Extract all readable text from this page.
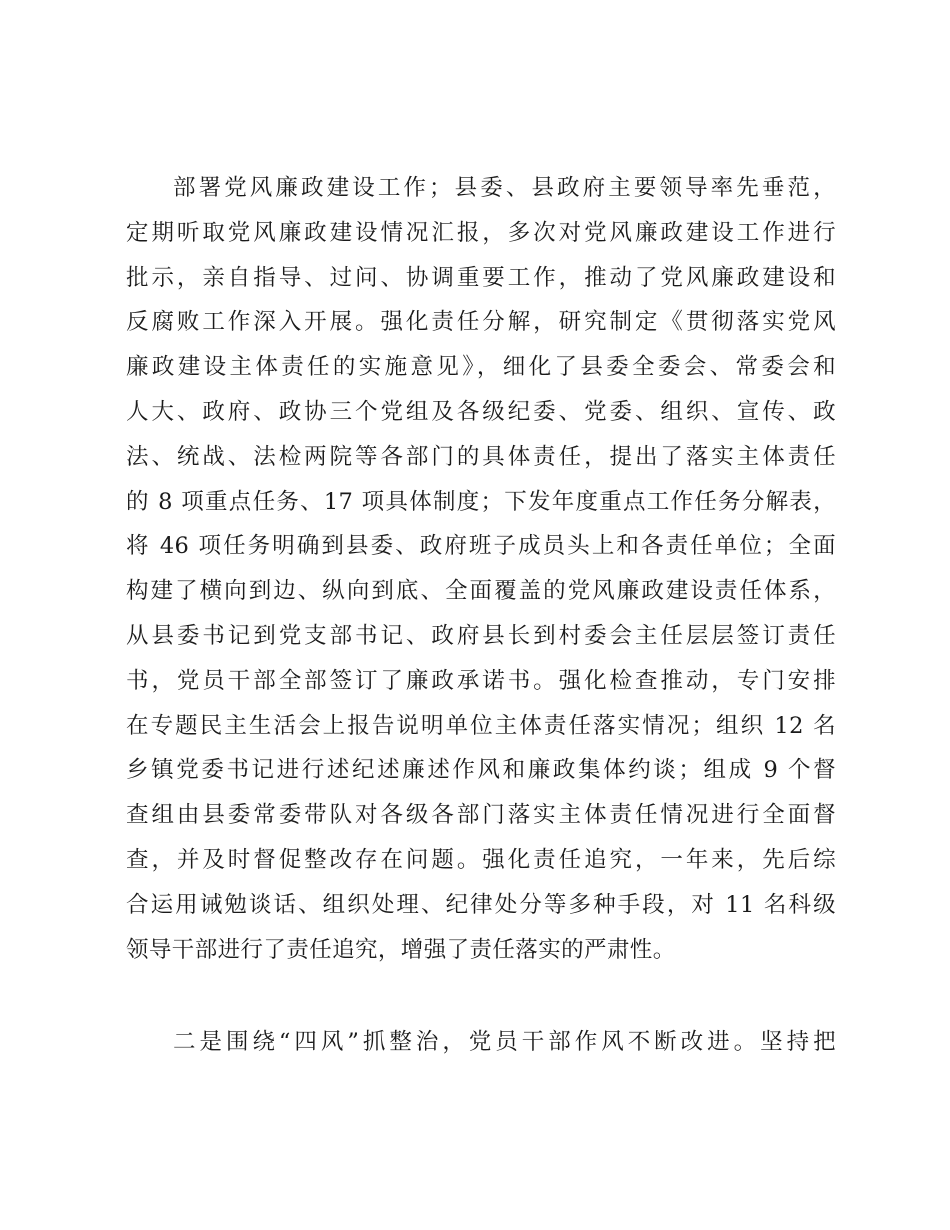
部署党风廉政建设工作；县委、县政府主要领导率先垂范，
定期听取党风廉政建设情况汇报，多次对党风廉政建设工作进行
批示，亲自指导、过问、协调重要工作，推动了党风廉政建设和
反腐败工作深入开展。强化责任分解，研究制定《贯彻落实党风
廉政建设主体责任的实施意见》，细化了县委全委会、常委会和
人大、政府、政协三个党组及各级纪委、党委、组织、宣传、政
法、统战、法检两院等各部门的具体责任，提出了落实主体责任
的 8 项重点任务、17 项具体制度；下发年度重点工作任务分解表，
将 46 项任务明确到县委、政府班子成员头上和各责任单位；全面
构建了横向到边、纵向到底、全面覆盖的党风廉政建设责任体系，
从县委书记到党支部书记、政府县长到村委会主任层层签订责任
书，党员干部全部签订了廉政承诺书。强化检查推动，专门安排
在专题民主生活会上报告说明单位主体责任落实情况；组织 12 名
乡镇党委书记进行述纪述廉述作风和廉政集体约谈；组成 9 个督
查组由县委常委带队对各级各部门落实主体责任情况进行全面督
查，并及时督促整改存在问题。强化责任追究，一年来，先后综
合运用诫勉谈话、组织处理、纪律处分等多种手段，对 11 名科级
领导干部进行了责任追究，增强了责任落实的严肃性。
二是围绕“四风”抓整治，党员干部作风不断改进。坚持把
